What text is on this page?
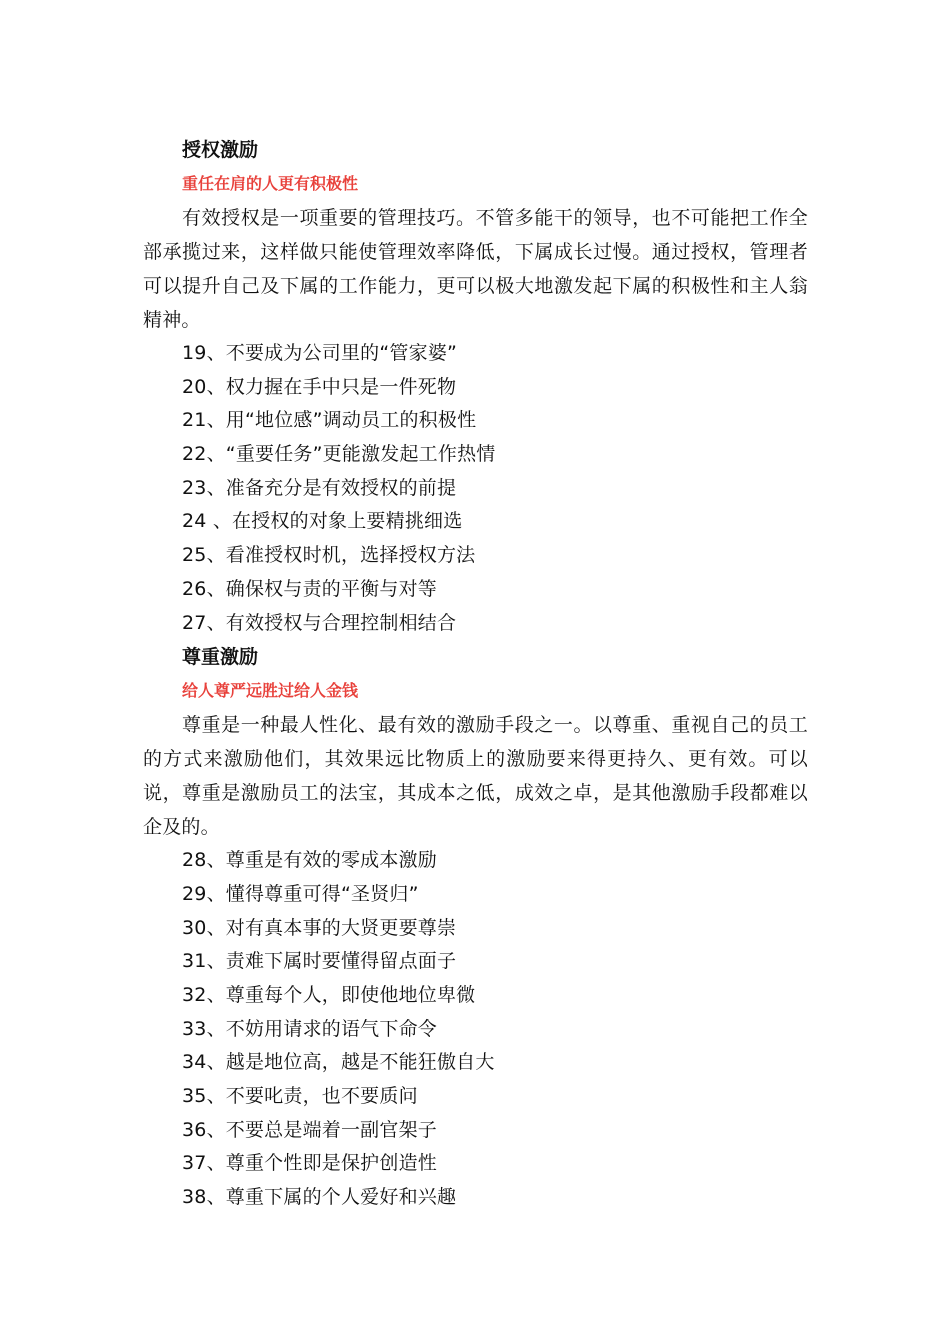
授权激励
重任在肩的人更有积极性

有效授权是一项重要的管理技巧。不管多能干的领导，也不可能把工作全部承揽过来，这样做只能使管理效率降低，下属成长过慢。通过授权，管理者可以提升自己及下属的工作能力，更可以极大地激发起下属的积极性和主人翁精神。

19、不要成为公司里的“管家婆”
20、权力握在手中只是一件死物
21、用“地位感”调动员工的积极性
22、“重要任务”更能激发起工作热情
23、准备充分是有效授权的前提
24 、在授权的对象上要精挑细选
25、看准授权时机，选择授权方法
26、确保权与责的平衡与对等
27、有效授权与合理控制相结合
尊重激励
给人尊严远胜过给人金钱

尊重是一种最人性化、最有效的激励手段之一。以尊重、重视自己的员工的方式来激励他们，其效果远比物质上的激励要来得更持久、更有效。可以说，尊重是激励员工的法宝，其成本之低，成效之卓，是其他激励手段都难以企及的。

28、尊重是有效的零成本激励
29、懂得尊重可得“圣贤归”
30、对有真本事的大贤更要尊崇
31、责难下属时要懂得留点面子
32、尊重每个人，即使他地位卑微
33、不妨用请求的语气下命令
34、越是地位高，越是不能狂傲自大
35、不要叱责，也不要质问
36、不要总是端着一副官架子
37、尊重个性即是保护创造性
38、尊重下属的个人爱好和兴趣
